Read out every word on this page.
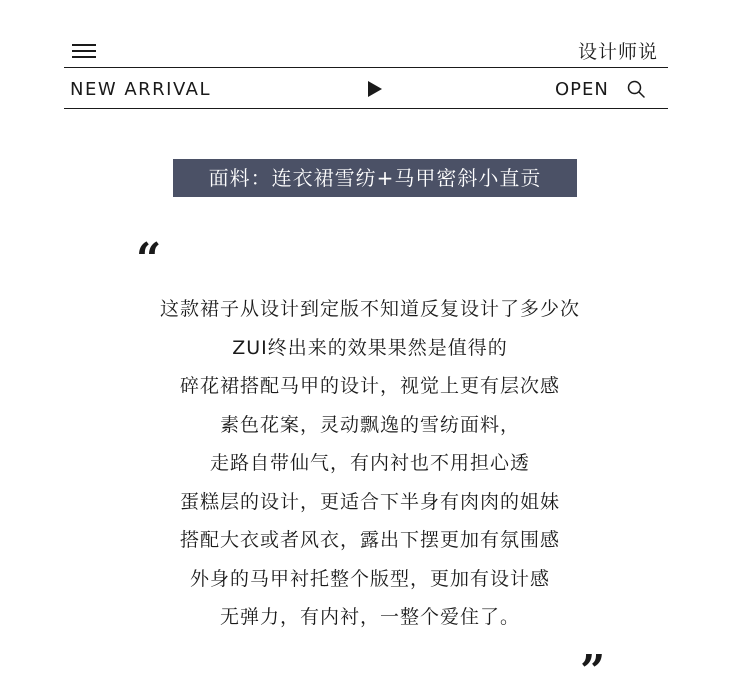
设计师说
NEW ARRIVAL	OPEN
面料：连衣裙雪纺+马甲密斜小直贡
“
这款裙子从设计到定版不知道反复设计了多少次
ZUI终出来的效果果然是值得的
碎花裙搭配马甲的设计，视觉上更有层次感
素色花案，灵动飘逸的雪纺面料，
走路自带仙气，有内衬也不用担心透
蛋糕层的设计，更适合下半身有肉肉的姐妹
搭配大衣或者风衣，露出下摆更加有氛围感
外身的马甲衬托整个版型，更加有设计感
无弹力，有内衬，一整个爱住了。
”
